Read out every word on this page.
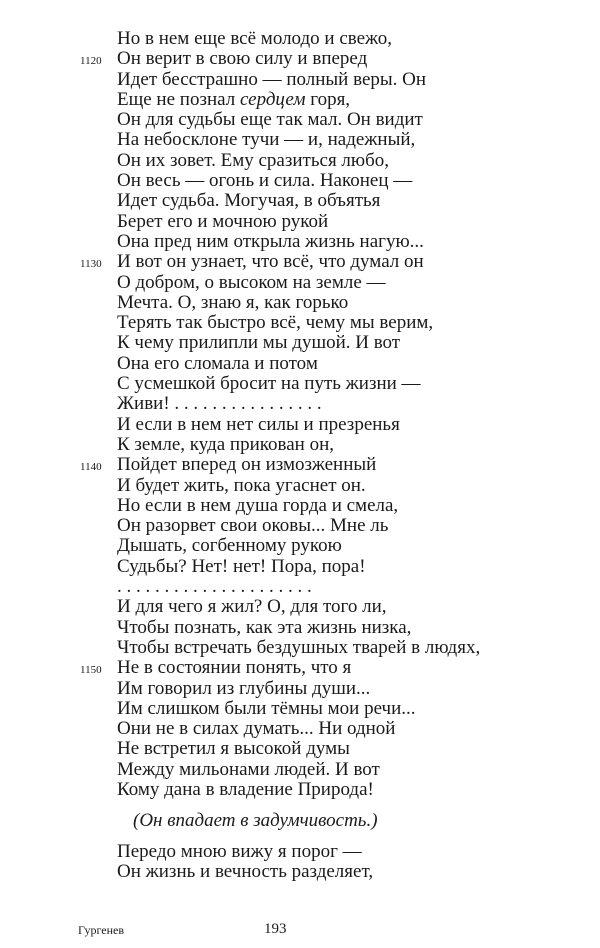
Но в нем еще всё молодо и свежо,
1120 Он верит в свою силу и вперед
Идет бесстрашно — полный веры. Он
Еще не познал сердцем горя,
Он для судьбы еще так мал. Он видит
На небосклоне тучи — и, надежный,
Он их зовет. Ему сразиться любо,
Он весь — огонь и сила. Наконец —
Идет судьба. Могучая, в объятья
Берет его и мочною рукой
Она пред ним открыла жизнь нагую...
1130 И вот он узнает, что всё, что думал он
О добром, о высоком на земле —
Мечта. О, знаю я, как горько
Терять так быстро всё, чему мы верим,
К чему прилипли мы душой. И вот
Она его сломала и потом
С усмешкой бросит на путь жизни —
Живи! . . . . . . . . . . . . . . . .
И если в нем нет силы и презренья
К земле, куда прикован он,
1140 Пойдет вперед он измозженный
И будет жить, пока угаснет он.
Но если в нем душа горда и смела,
Он разорвет свои оковы... Мне ль
Дышать, согбенному рукою
Судьбы? Нет! нет! Пора, пора!
. . . . . . . . . . . . . . . . . . . . .
И для чего я жил? О, для того ли,
Чтобы познать, как эта жизнь низка,
Чтобы встречать бездушных тварей в людях,
1150 Не в состоянии понять, что я
Им говорил из глубины души...
Им слишком были тёмны мои речи...
Они не в силах думать... Ни одной
Не встретил я высокой думы
Между мильонами людей. И вот
Кому дана в владение Природа!
(Он впадает в задумчивость.)
Передо мною вижу я порог —
Он жизнь и вечность разделяет,
Гургенев	193
